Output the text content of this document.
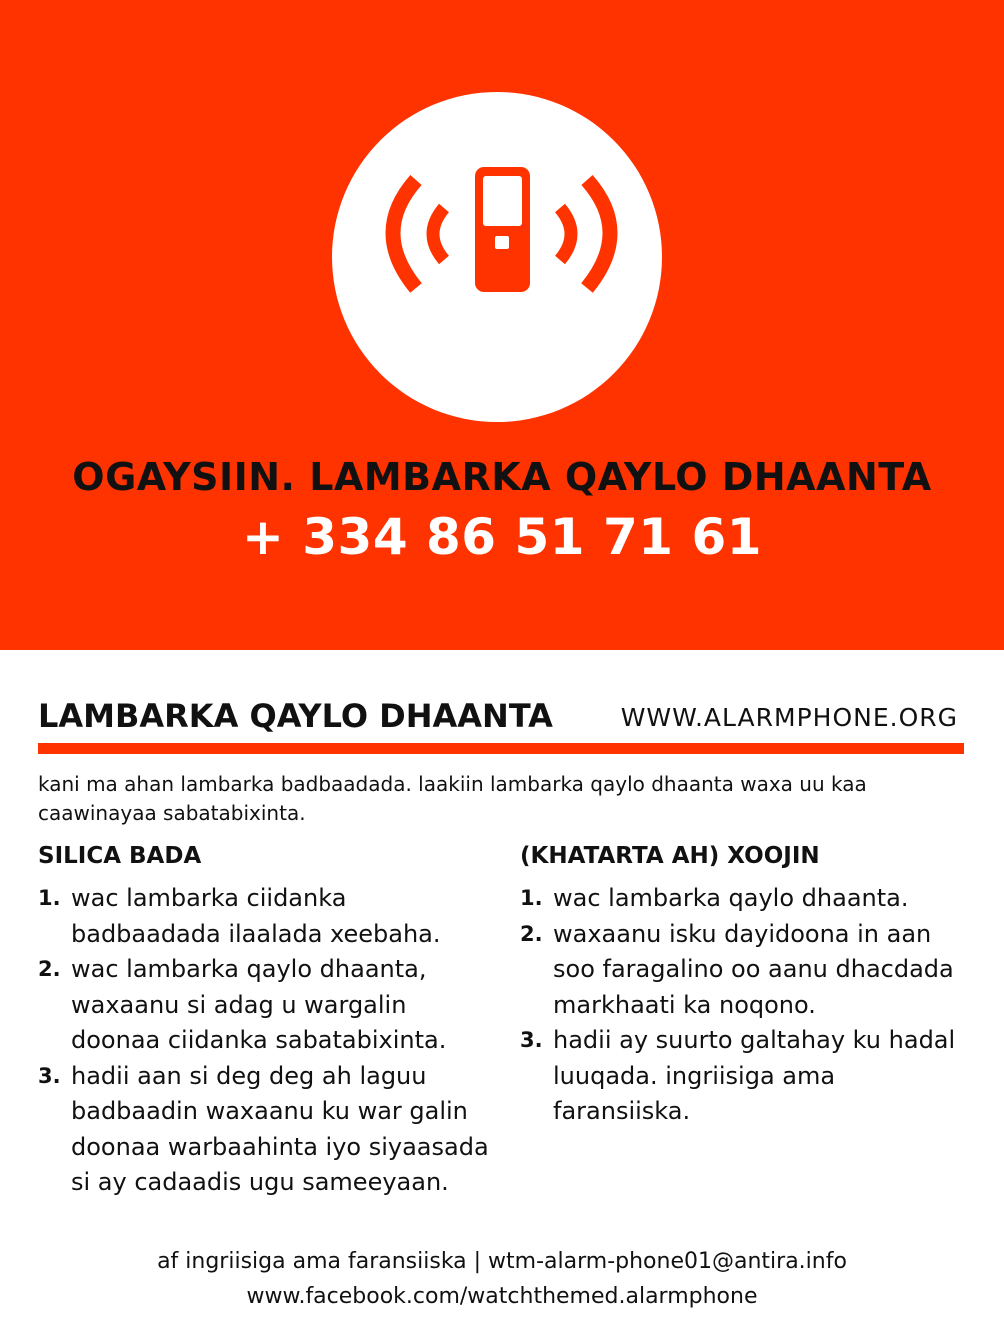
OGAYSIIN. LAMBARKA QAYLO DHAANTA
+ 334 86 51 71 61
LAMBARKA QAYLO DHAANTA	WWW.ALARMPHONE.ORG
kani ma ahan lambarka badbaadada. laakiin lambarka qaylo dhaanta waxa uu kaa caawinayaa sabatabixinta.
SILICA BADA
1. wac lambarka ciidanka badbaadada ilaalada xeebaha.
2. wac lambarka qaylo dhaanta, waxaanu si adag u wargalin doonaa ciidanka sabatabixinta.
3. hadii aan si deg deg ah laguu badbaadin waxaanu ku war galin doonaa warbaahinta iyo siyaasada si ay cadaadis ugu sameeyaan.
(KHATARTA AH) XOOJIN
1. wac lambarka qaylo dhaanta.
2. waxaanu isku dayidoona in aan soo faragalino oo aanu dhacdada markhaati ka noqono.
3. hadii ay suurto galtahay ku hadal luuqada. ingriisiga ama faransiiska.
af ingriisiga ama faransiiska | wtm-alarm-phone01@antira.info
www.facebook.com/watchthemed.alarmphone
